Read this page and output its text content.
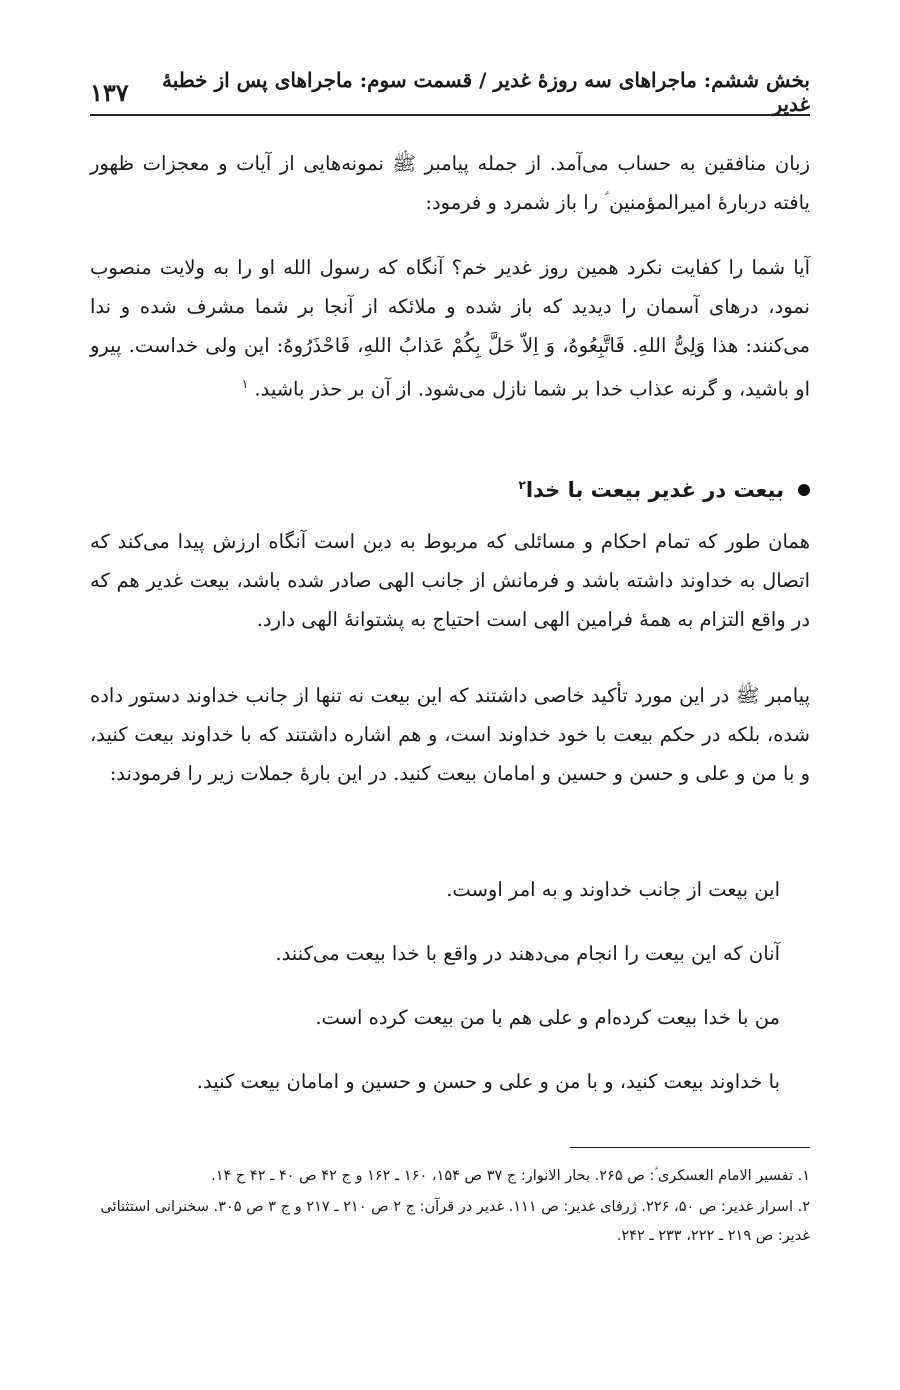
بخش ششم: ماجراهای سه روزهٔ غدیر / قسمت سوم: ماجراهای پس از خطبهٔ غدیر
۱۳۷
زبان منافقین به حساب می‌آمد. از جمله پیامبر ﷺ نمونه‌هایی از آیات و معجزات ظهور یافته دربارهٔ امیرالمؤمنین ؑ را باز شمرد و فرمود:
آیا شما را کفایت نکرد همین روز غدیر خم؟ آنگاه که رسول الله او را به ولایت منصوب نمود، درهای آسمان را دیدید که باز شده و ملائکه از آنجا بر شما مشرف شده و ندا می‌کنند: هذا وَلِیُّ اللهِ. فَاتَّبِعُوهُ، وَ اِلاّ حَلَّ بِکُمْ عَذابُ اللهِ، فَاحْذَرُوهُ: این ولی خداست. پیرو او باشید، و گرنه عذاب خدا بر شما نازل می‌شود. از آن بر حذر باشید. $^۱$
بیعت در غدیر بیعت با خدا$^۲$
همان طور که تمام احکام و مسائلی که مربوط به دین است آنگاه ارزش پیدا می‌کند که اتصال به خداوند داشته باشد و فرمانش از جانب الهی صادر شده باشد، بیعت غدیر هم که در واقع التزام به همهٔ فرامین الهی است احتیاج به پشتوانهٔ الهی دارد.
پیامبر ﷺ در این مورد تأکید خاصی داشتند که این بیعت نه تنها از جانب خداوند دستور داده شده، بلکه در حکم بیعت با خود خداوند است، و هم اشاره داشتند که با خداوند بیعت کنید، و با من و علی و حسن و حسین و امامان بیعت کنید. در این بارهٔ جملات زیر را فرمودند:
این بیعت از جانب خداوند و به امر اوست.
آنان که این بیعت را انجام می‌دهند در واقع با خدا بیعت می‌کنند.
من با خدا بیعت کرده‌ام و علی هم با من بیعت کرده است.
با خداوند بیعت کنید، و با من و علی و حسن و حسین و امامان بیعت کنید.
۱. تفسیر الامام العسکری ؑ: ص ۲۶۵. بحار الانوار: ج ۳۷ ص ۱۵۴، ۱۶۰ ـ ۱۶۲ و ج ۴۲ ص ۴۰ ـ ۴۲ ح ۱۴.
۲. اسرار غدیر: ص ۵۰، ۲۲۶. ژرفای غدیر: ص ۱۱۱. غدیر در قرآن: ج ۲ ص ۲۱۰ ـ ۲۱۷ و ج ۳ ص ۳۰۵. سخنرانی استثنائی غدیر: ص ۲۱۹ ـ ۲۲۲، ۲۳۳ ـ ۲۴۲.
